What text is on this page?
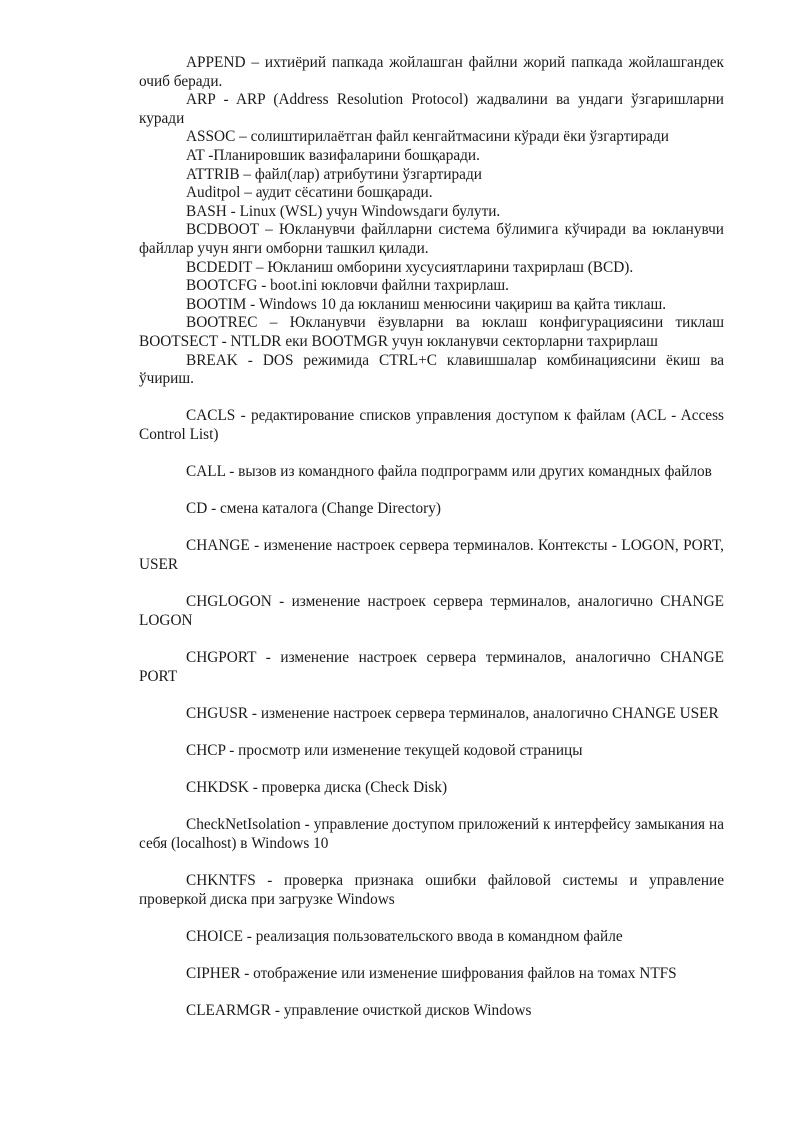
APPEND – ихтиёрий папкада жойлашган файлни жорий папкада жойлашгандек очиб беради.

ARP - ARP (Address Resolution Protocol) жадвалини ва ундаги ўзгаришларни куради

ASSOC – солиштирилаётган файл кенгайтмасини кўради ёки ўзгартиради

AT -Планировшик вазифаларини бошқаради.

ATTRIB – файл(лар) атрибутини ўзгартиради

Auditpol – аудит сёсатини бошқаради.

BASH - Linux (WSL) учун Windowsдаги булути.

BCDBOOT – Юкланувчи файлларни система бўлимига кўчиради ва юкланувчи файллар учун янги омборни ташкил қилади.

BCDEDIT – Юкланиш омборини хусусиятларини тахрирлаш (BCD).

BOOTCFG - boot.ini юкловчи файлни тахрирлаш.

BOOTIM - Windows 10 да юкланиш менюсини чақириш ва қайта тиклаш.

BOOTREC – Юкланувчи ёзувларни ва юклаш конфигурациясини тиклаш BOOTSECT - NTLDR еки BOOTMGR учун юкланувчи секторларни тахрирлаш

BREAK - DOS режимида CTRL+C клавишшалар комбинациясини ёкиш ва ўчириш.

CACLS - редактирование списков управления доступом к файлам (ACL - Access Control List)

CALL - вызов из командного файла подпрограмм или других командных файлов

CD - смена каталога (Change Directory)

CHANGE - изменение настроек сервера терминалов. Контексты - LOGON, PORT, USER

CHGLOGON - изменение настроек сервера терминалов, аналогично CHANGE LOGON

CHGPORT - изменение настроек сервера терминалов, аналогично CHANGE PORT

CHGUSR - изменение настроек сервера терминалов, аналогично CHANGE USER

CHCP - просмотр или изменение текущей кодовой страницы

CHKDSK - проверка диска (Check Disk)

CheckNetIsolation - управление доступом приложений к интерфейсу замыкания на себя (localhost) в Windows 10

CHKNTFS - проверка признака ошибки файловой системы и управление проверкой диска при загрузке Windows

CHOICE - реализация пользовательского ввода в командном файле

CIPHER - отображение или изменение шифрования файлов на томах NTFS

CLEARMGR - управление очисткой дисков Windows
